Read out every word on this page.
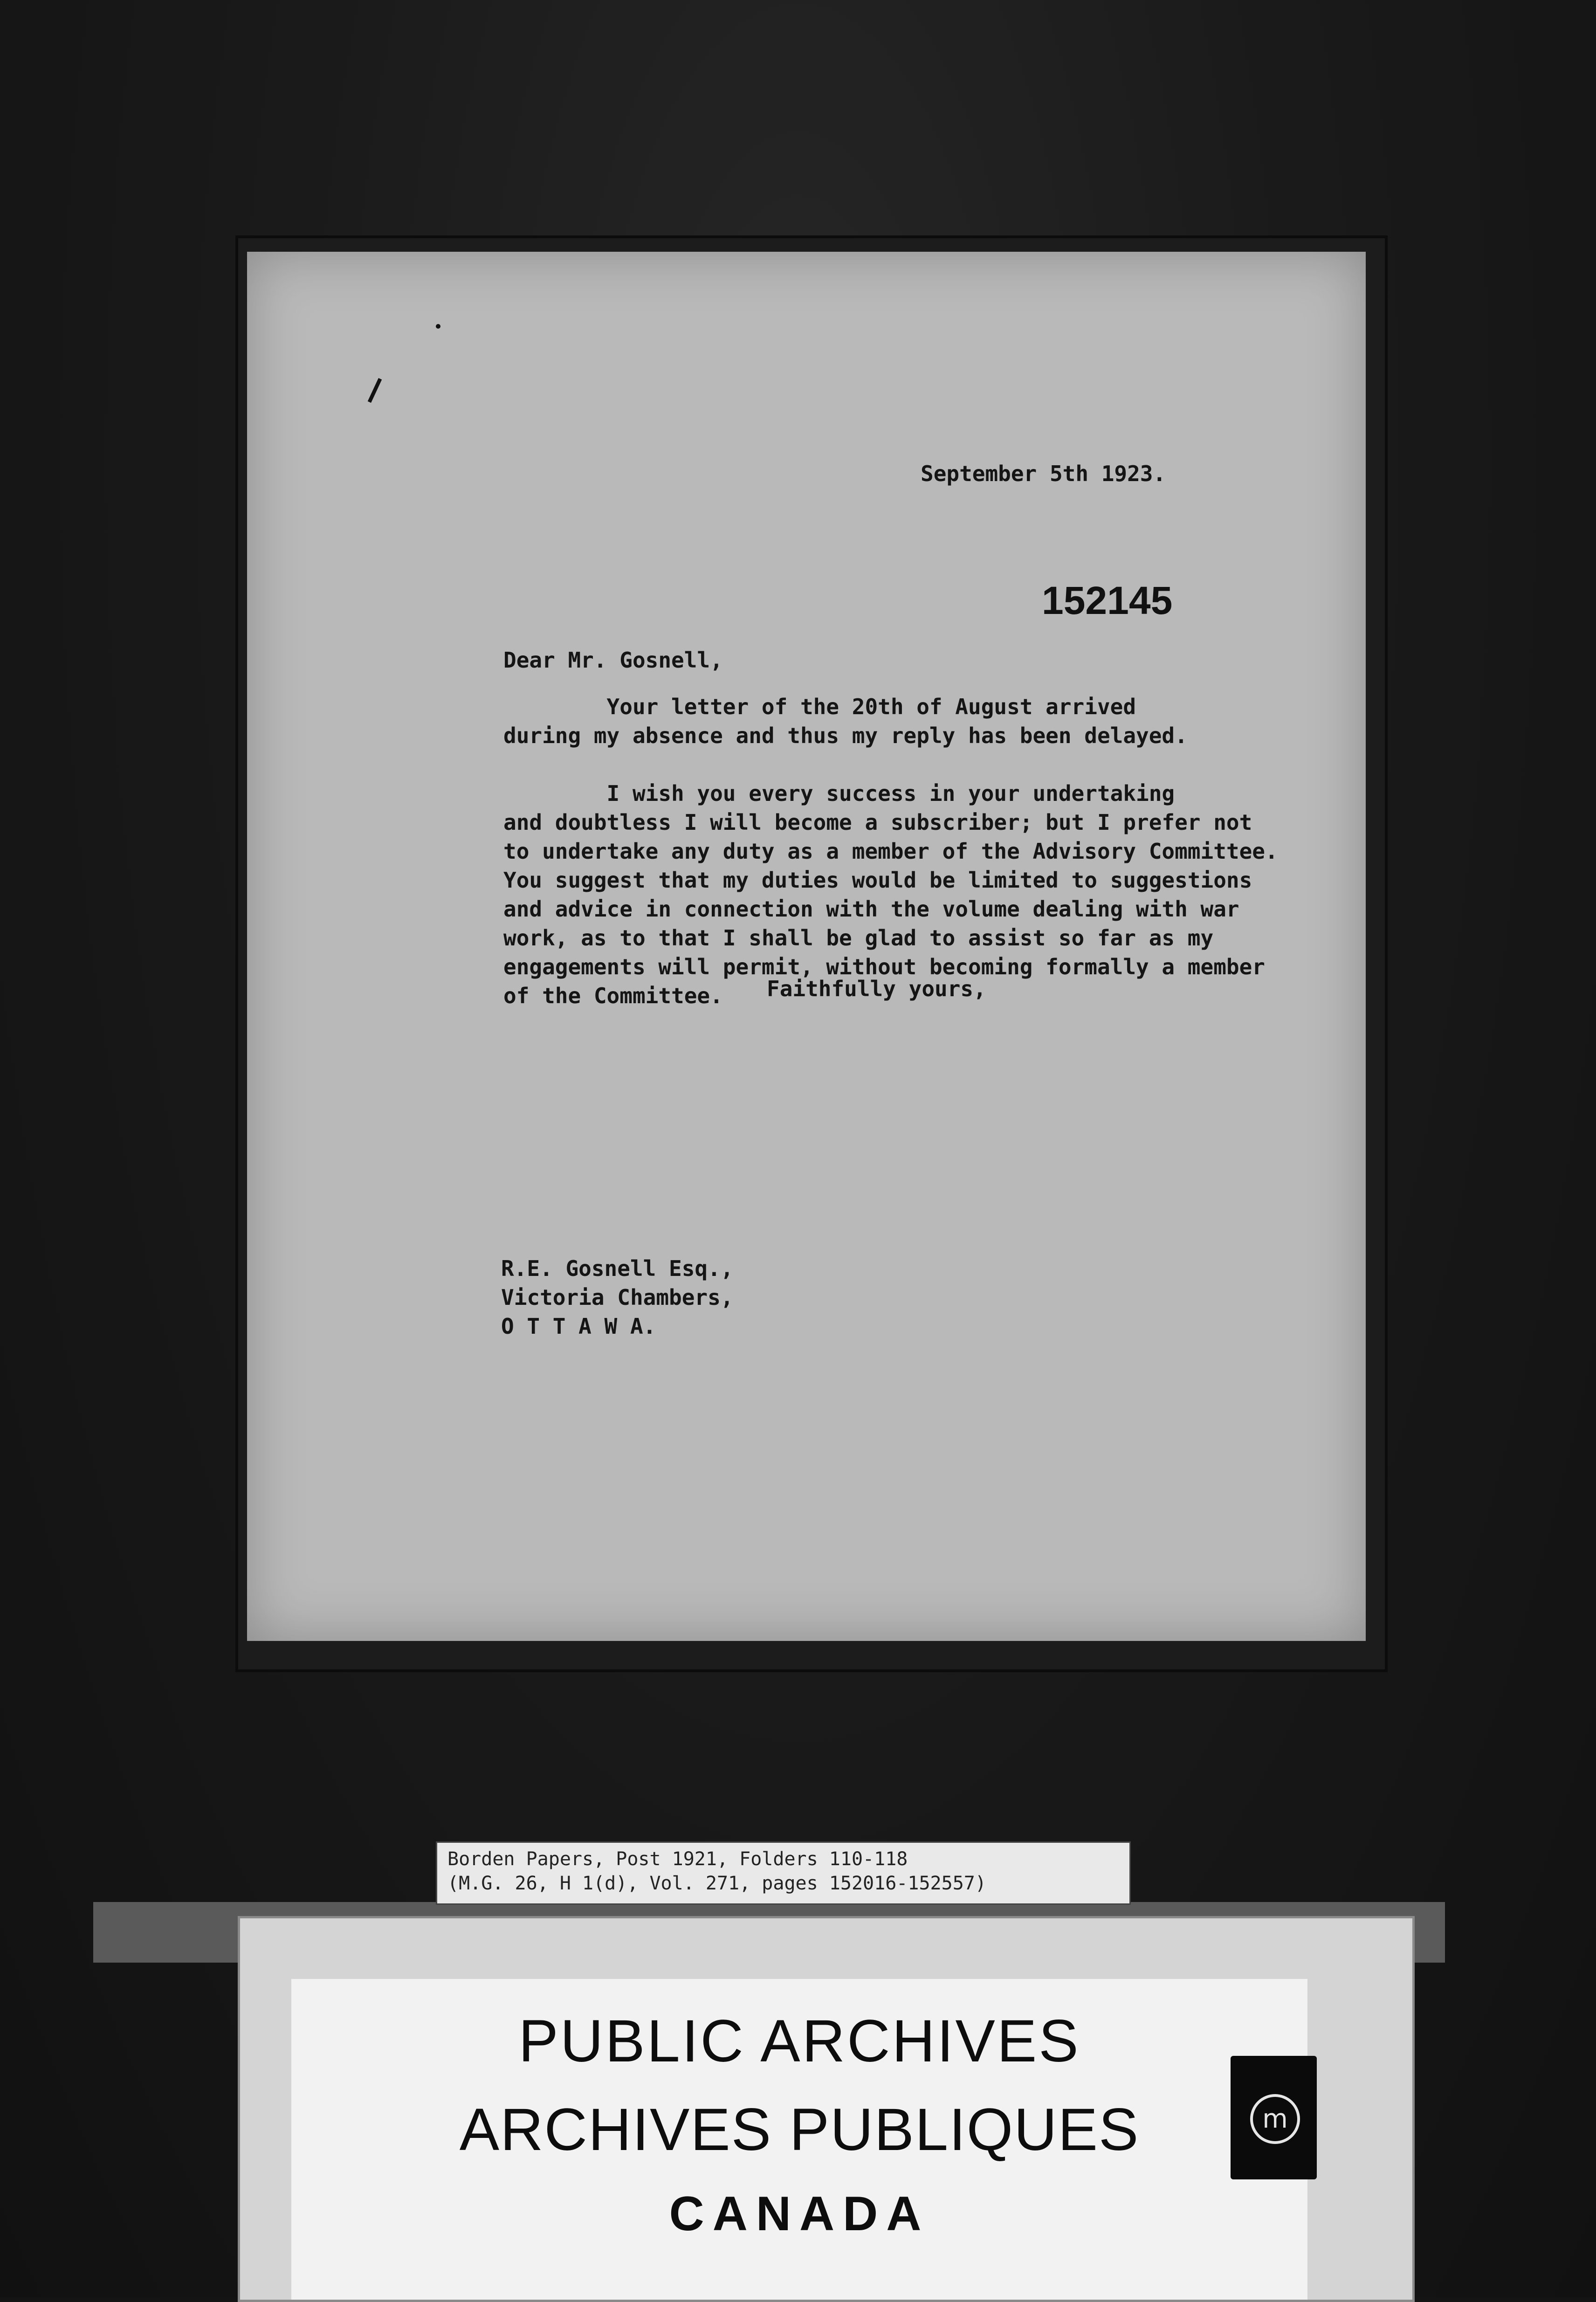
September 5th 1923.
152145
Dear Mr. Gosnell,
Your letter of the 20th of August arrived
during my absence and thus my reply has been delayed.

I wish you every success in your undertaking
and doubtless I will become a subscriber; but I prefer not
to undertake any duty as a member of the Advisory Committee.
You suggest that my duties would be limited to suggestions
and advice in connection with the volume dealing with war
work, as to that I shall be glad to assist so far as my
engagements will permit, without becoming formally a member
of the Committee.	Faithfully yours,
R.E. Gosnell Esq.,
Victoria Chambers,
O T T A W A.
Borden Papers, Post 1921, Folders 110-118
(M.G. 26, H 1(d), Vol. 271, pages 152016-152557)
PUBLIC ARCHIVES
ARCHIVES PUBLIQUES
CANADA
m
